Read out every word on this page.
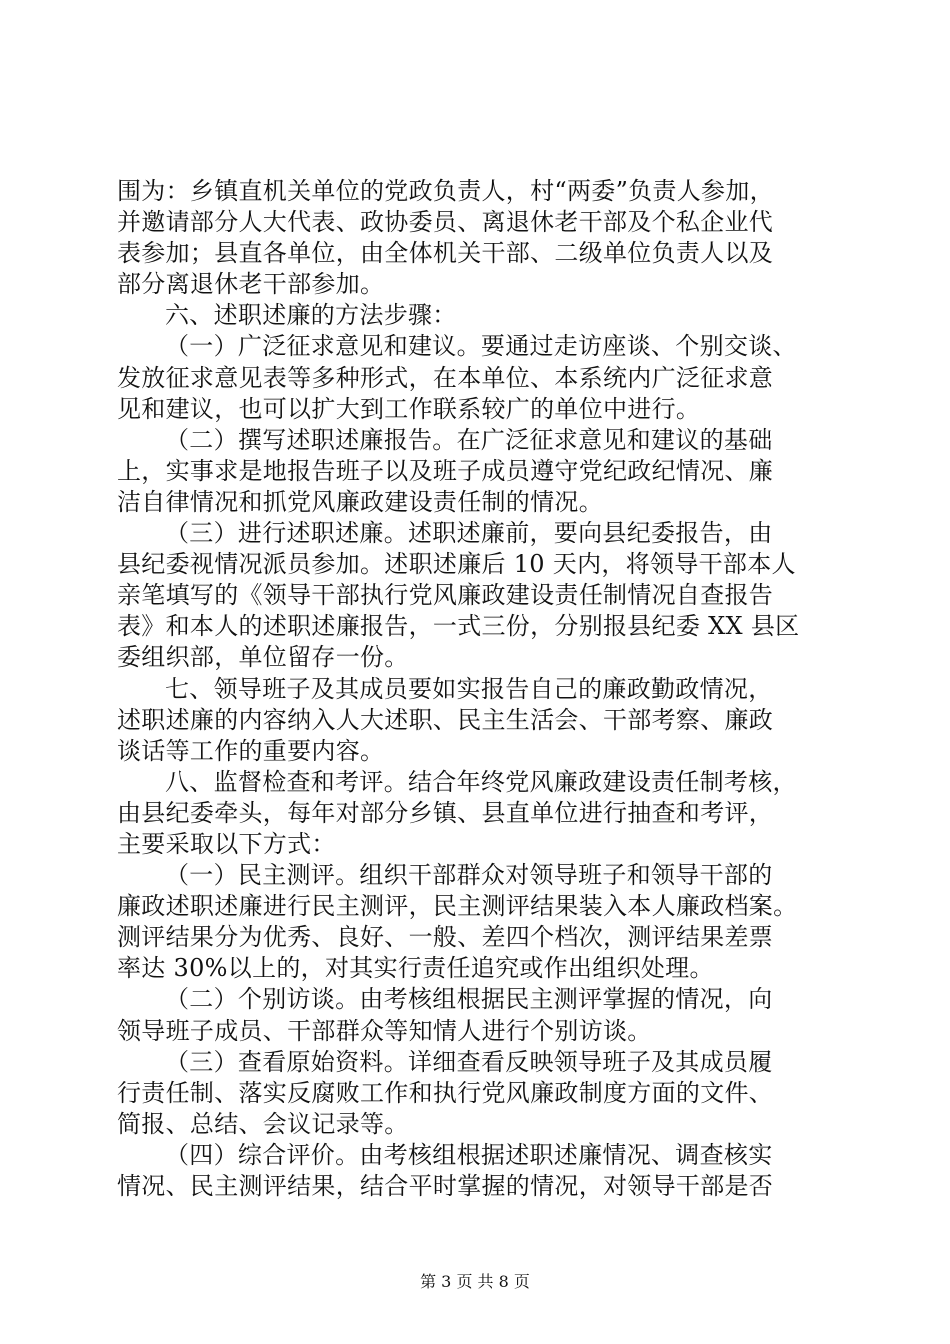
围为：乡镇直机关单位的党政负责人，村“两委”负责人参加，
并邀请部分人大代表、政协委员、离退休老干部及个私企业代
表参加；县直各单位，由全体机关干部、二级单位负责人以及
部分离退休老干部参加。
六、述职述廉的方法步骤：
（一）广泛征求意见和建议。要通过走访座谈、个别交谈、
发放征求意见表等多种形式，在本单位、本系统内广泛征求意
见和建议，也可以扩大到工作联系较广的单位中进行。
（二）撰写述职述廉报告。在广泛征求意见和建议的基础
上，实事求是地报告班子以及班子成员遵守党纪政纪情况、廉
洁自律情况和抓党风廉政建设责任制的情况。
（三）进行述职述廉。述职述廉前，要向县纪委报告，由
县纪委视情况派员参加。述职述廉后 10 天内，将领导干部本人
亲笔填写的《领导干部执行党风廉政建设责任制情况自查报告
表》和本人的述职述廉报告，一式三份，分别报县纪委 XX 县区
委组织部，单位留存一份。
七、领导班子及其成员要如实报告自己的廉政勤政情况，
述职述廉的内容纳入人大述职、民主生活会、干部考察、廉政
谈话等工作的重要内容。
八、监督检查和考评。结合年终党风廉政建设责任制考核，
由县纪委牵头，每年对部分乡镇、县直单位进行抽查和考评，
主要采取以下方式：
（一）民主测评。组织干部群众对领导班子和领导干部的
廉政述职述廉进行民主测评，民主测评结果装入本人廉政档案。
测评结果分为优秀、良好、一般、差四个档次，测评结果差票
率达 30%以上的，对其实行责任追究或作出组织处理。
（二）个别访谈。由考核组根据民主测评掌握的情况，向
领导班子成员、干部群众等知情人进行个别访谈。
（三）查看原始资料。详细查看反映领导班子及其成员履
行责任制、落实反腐败工作和执行党风廉政制度方面的文件、
简报、总结、会议记录等。
（四）综合评价。由考核组根据述职述廉情况、调查核实
情况、民主测评结果，结合平时掌握的情况，对领导干部是否
第 3 页 共 8 页
